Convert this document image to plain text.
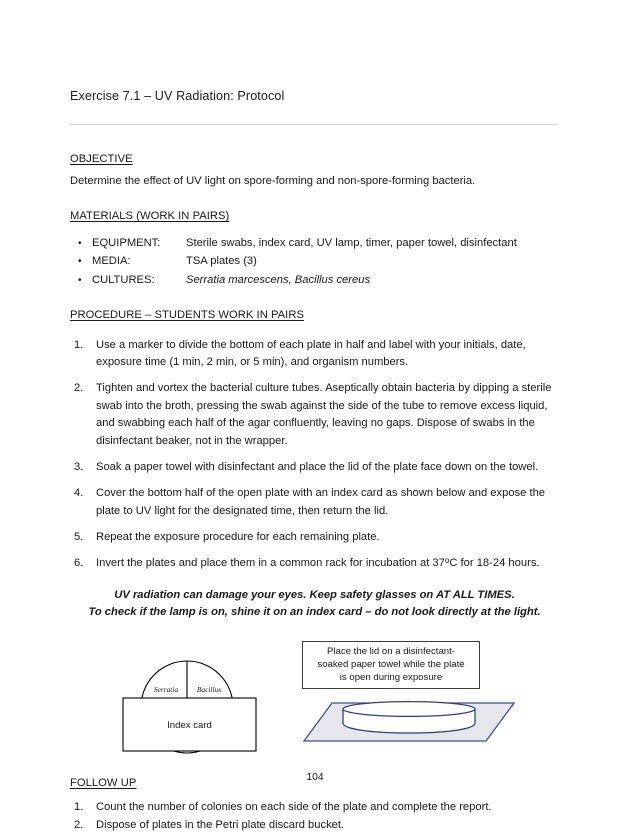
Exercise 7.1 – UV Radiation: Protocol
OBJECTIVE

Determine the effect of UV light on spore-forming and non-spore-forming bacteria.

MATERIALS (WORK IN PAIRS)
• EQUIPMENT:	Sterile swabs, index card, UV lamp, timer, paper towel, disinfectant
• MEDIA:	TSA plates (3)
• CULTURES:	Serratia marcescens, Bacillus cereus
PROCEDURE – STUDENTS WORK IN PAIRS
1.	Use a marker to divide the bottom of each plate in half and label with your initials, date, exposure time (1 min, 2 min, or 5 min), and organism numbers.
2.	Tighten and vortex the bacterial culture tubes. Aseptically obtain bacteria by dipping a sterile swab into the broth, pressing the swab against the side of the tube to remove excess liquid, and swabbing each half of the agar confluently, leaving no gaps. Dispose of swabs in the disinfectant beaker, not in the wrapper.
3.	Soak a paper towel with disinfectant and place the lid of the plate face down on the towel.
4.	Cover the bottom half of the open plate with an index card as shown below and expose the plate to UV light for the designated time, then return the lid.
5.	Repeat the exposure procedure for each remaining plate.
6.	Invert the plates and place them in a common rack for incubation at 37$^o$C for 18-24 hours.
UV radiation can damage your eyes. Keep safety glasses on AT ALL TIMES.
To check if the lamp is on, shine it on an index card – do not look directly at the light.
Serratia	Bacillus
Index card
Place the lid on a disinfectant-
soaked paper towel while the plate
is open during exposure
FOLLOW UP
1.	Count the number of colonies on each side of the plate and complete the report.
2.	Dispose of plates in the Petri plate discard bucket.
104
